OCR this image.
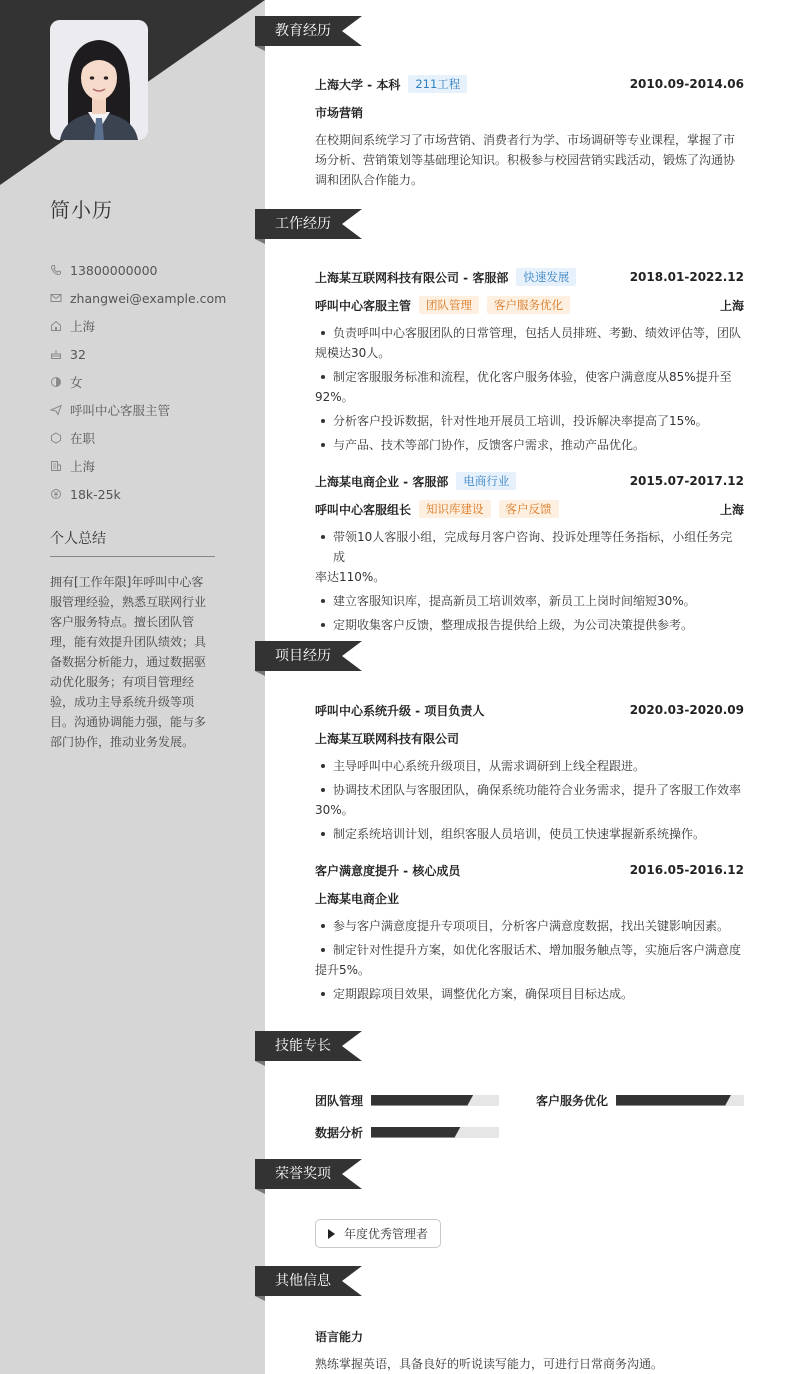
简小历
13800000000
zhangwei@example.com
上海
32
女
呼叫中心客服主管
在职
上海
18k-25k
个人总结
拥有[工作年限]年呼叫中心客
服管理经验，熟悉互联网行业
客户服务特点。擅长团队管
理，能有效提升团队绩效；具
备数据分析能力，通过数据驱
动优化服务；有项目管理经
验，成功主导系统升级等项
目。沟通协调能力强，能与多
部门协作，推动业务发展。
教育经历
工作经历
项目经历
技能专长
荣誉奖项
其他信息
上海大学 - 本科	211工程	2010.09-2014.06
市场营销
在校期间系统学习了市场营销、消费者行为学、市场调研等专业课程，掌握了市
场分析、营销策划等基础理论知识。积极参与校园营销实践活动，锻炼了沟通协
调和团队合作能力。
上海某互联网科技有限公司 - 客服部	快速发展	2018.01-2022.12
呼叫中心客服主管	团队管理	客户服务优化	上海
负责呼叫中心客服团队的日常管理，包括人员排班、考勤、绩效评估等，团队
规模达30人。
制定客服服务标准和流程，优化客户服务体验，使客户满意度从85%提升至
92%。
分析客户投诉数据，针对性地开展员工培训，投诉解决率提高了15%。
与产品、技术等部门协作，反馈客户需求，推动产品优化。
上海某电商企业 - 客服部	电商行业	2015.07-2017.12
呼叫中心客服组长	知识库建设	客户反馈	上海
带领10人客服小组，完成每月客户咨询、投诉处理等任务指标，小组任务完成
率达110%。
建立客服知识库，提高新员工培训效率，新员工上岗时间缩短30%。
定期收集客户反馈，整理成报告提供给上级，为公司决策提供参考。
呼叫中心系统升级 - 项目负责人	2020.03-2020.09
上海某互联网科技有限公司
主导呼叫中心系统升级项目，从需求调研到上线全程跟进。
协调技术团队与客服团队，确保系统功能符合业务需求，提升了客服工作效率
30%。
制定系统培训计划，组织客服人员培训，使员工快速掌握新系统操作。
客户满意度提升 - 核心成员	2016.05-2016.12
上海某电商企业
参与客户满意度提升专项项目，分析客户满意度数据，找出关键影响因素。
制定针对性提升方案，如优化客服话术、增加服务触点等，实施后客户满意度
提升5%。
定期跟踪项目效果，调整优化方案，确保项目目标达成。
团队管理	客户服务优化
数据分析
年度优秀管理者
语言能力
熟练掌握英语，具备良好的听说读写能力，可进行日常商务沟通。
